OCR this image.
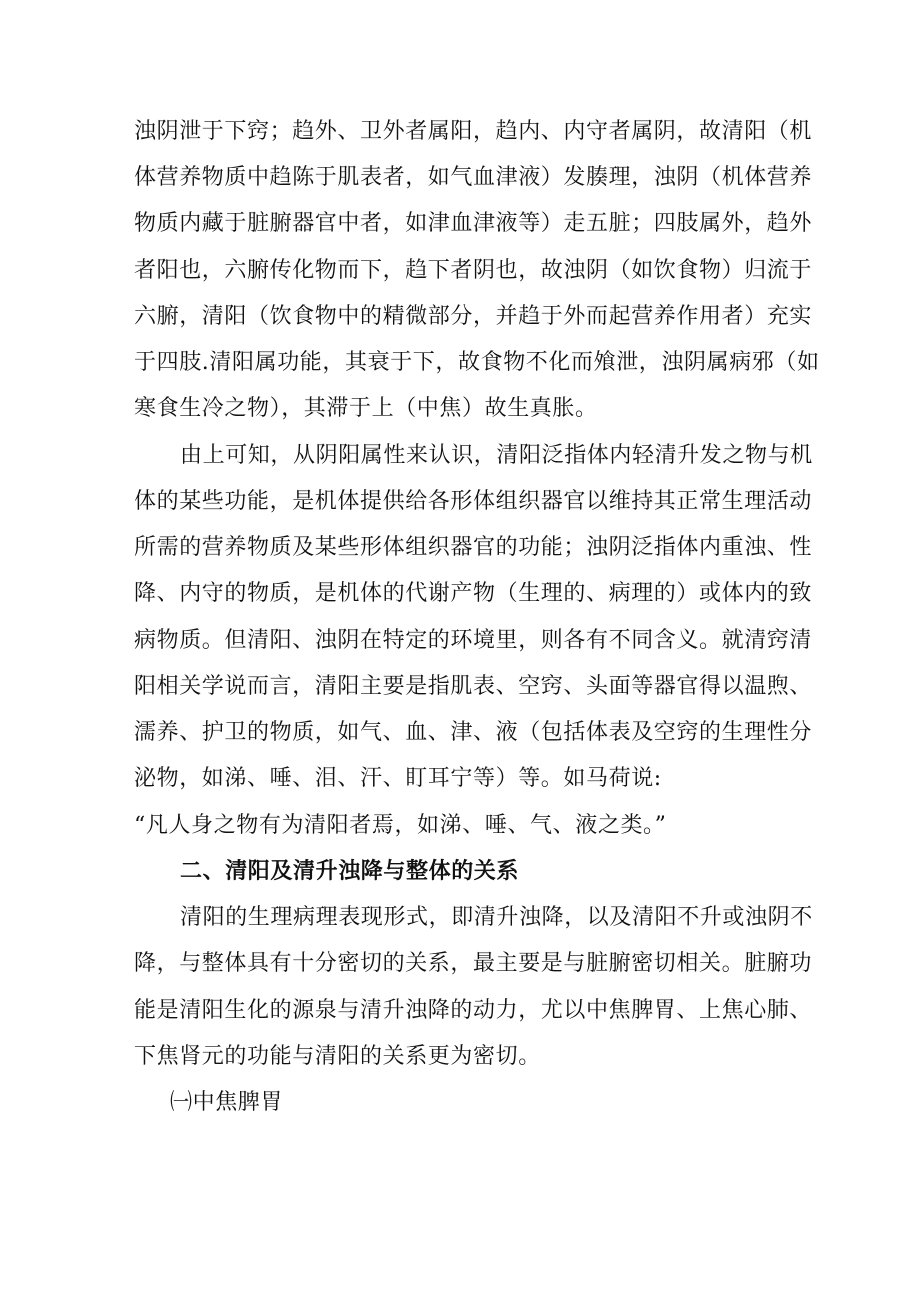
浊阴泄于下窍；趋外、卫外者属阳，趋内、内守者属阴，故清阳（机
体营养物质中趋陈于肌表者，如气血津液）发腠理，浊阴（机体营养
物质内藏于脏腑器官中者，如津血津液等）走五脏；四肢属外，趋外
者阳也，六腑传化物而下，趋下者阴也，故浊阴（如饮食物）归流于
六腑，清阳（饮食物中的精微部分，并趋于外而起营养作用者）充实
于四肢.清阳属功能，其衰于下，故食物不化而飧泄，浊阴属病邪（如
寒食生冷之物），其滞于上（中焦）故生真胀。
由上可知，从阴阳属性来认识，清阳泛指体内轻清升发之物与机
体的某些功能，是机体提供给各形体组织器官以维持其正常生理活动
所需的营养物质及某些形体组织器官的功能；浊阴泛指体内重浊、性
降、内守的物质，是机体的代谢产物（生理的、病理的）或体内的致
病物质。但清阳、浊阴在特定的环境里，则各有不同含义。就清窍清
阳相关学说而言，清阳主要是指肌表、空窍、头面等器官得以温煦、
濡养、护卫的物质，如气、血、津、液（包括体表及空窍的生理性分
泌物，如涕、唾、泪、汗、盯耳宁等）等。如马荷说:
“凡人身之物有为清阳者焉，如涕、唾、气、液之类。”
二、清阳及清升浊降与整体的关系
清阳的生理病理表现形式，即清升浊降，以及清阳不升或浊阴不
降，与整体具有十分密切的关系，最主要是与脏腑密切相关。脏腑功
能是清阳生化的源泉与清升浊降的动力，尤以中焦脾胃、上焦心肺、
下焦肾元的功能与清阳的关系更为密切。
㈠中焦脾胃
